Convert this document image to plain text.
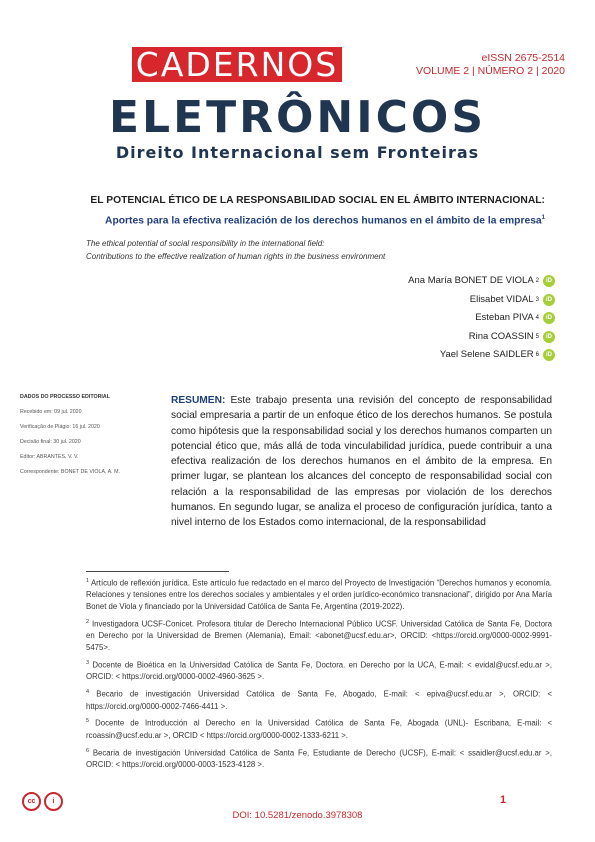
CADERNOS	eISSN 2675-2514
VOLUME 2 | NÚMERO 2 | 2020
ELETRÔNICOS
Direito Internacional sem Fronteiras
EL POTENCIAL ÉTICO DE LA RESPONSABILIDAD SOCIAL EN EL ÁMBITO INTERNACIONAL:
Aportes para la efectiva realización de los derechos humanos en el ámbito de la empresa$^1$
The ethical potential of social responsibility in the international field:
Contributions to the effective realization of human rights in the business environment
Ana María BONET DE VIOLA 2	iD
Elisabet VIDAL 3	iD
Esteban PIVA 4	iD
Rina COASSIN 5	iD
Yael Selene SAIDLER 6	iD
DADOS DO PROCESSO EDITORIAL
Recebido em: 09 jul. 2020
Verificação de Plágio: 16 jul. 2020
Decisão final: 30 jul. 2020
Editor: ABRANTES, V. V.
Correspondente: BONET DE VIOLA, A. M.
RESUMEN: Este trabajo presenta una revisión del concepto de responsabilidad social empresaria a partir de un enfoque ético de los derechos humanos. Se postula como hipótesis que la responsabilidad social y los derechos humanos comparten un potencial ético que, más allá de toda vinculabilidad jurídica, puede contribuir a una efectiva realización de los derechos humanos en el ámbito de la empresa. En primer lugar, se plantean los alcances del concepto de responsabilidad social con relación a la responsabilidad de las empresas por violación de los derechos humanos. En segundo lugar, se analiza el proceso de configuración jurídica, tanto a nivel interno de los Estados como internacional, de la responsabilidad
$^1$ Artículo de reflexión jurídica. Este artículo fue redactado en el marco del Proyecto de Investigación “Derechos humanos y economía. Relaciones y tensiones entre los derechos sociales y ambientales y el orden jurídico-económico transnacional”, dirigido por Ana María Bonet de Viola y financiado por la Universidad Católica de Santa Fe, Argentina (2019-2022).
$^2$ Investigadora UCSF-Conicet. Profesora titular de Derecho Internacional Público UCSF. Universidad Católica de Santa Fe, Doctora en Derecho por la Universidad de Bremen (Alemania), Email: <abonet@ucsf.edu.ar>, ORCID: <https://orcid.org/0000-0002-9991-5475>.
$^3$ Docente de Bioética en la Universidad Católica de Santa Fe, Doctora. en Derecho por la UCA, E-mail: < evidal@ucsf.edu.ar >, ORCID: < https://orcid.org/0000-0002-4960-3625 >.
$^4$ Becario de investigación Universidad Católica de Santa Fe, Abogado, E-mail: < epiva@ucsf.edu.ar >, ORCID: < https://orcid.org/0000-0002-7466-4411 >.
$^5$ Docente de Introducción al Derecho en la Universidad Católica de Santa Fe, Abogada (UNL)- Escribana, E-mail: < rcoassin@ucsf.edu.ar >, ORCID < https://orcid.org/0000-0002-1333-6211 >.
$^6$ Becaria de investigación Universidad Católica de Santa Fe, Estudiante de Derecho (UCSF), E-mail: < ssaidler@ucsf.edu.ar >, ORCID: < https://orcid.org/0000-0003-1523-4128 >.
cc	i	1
DOI: 10.5281/zenodo.3978308
